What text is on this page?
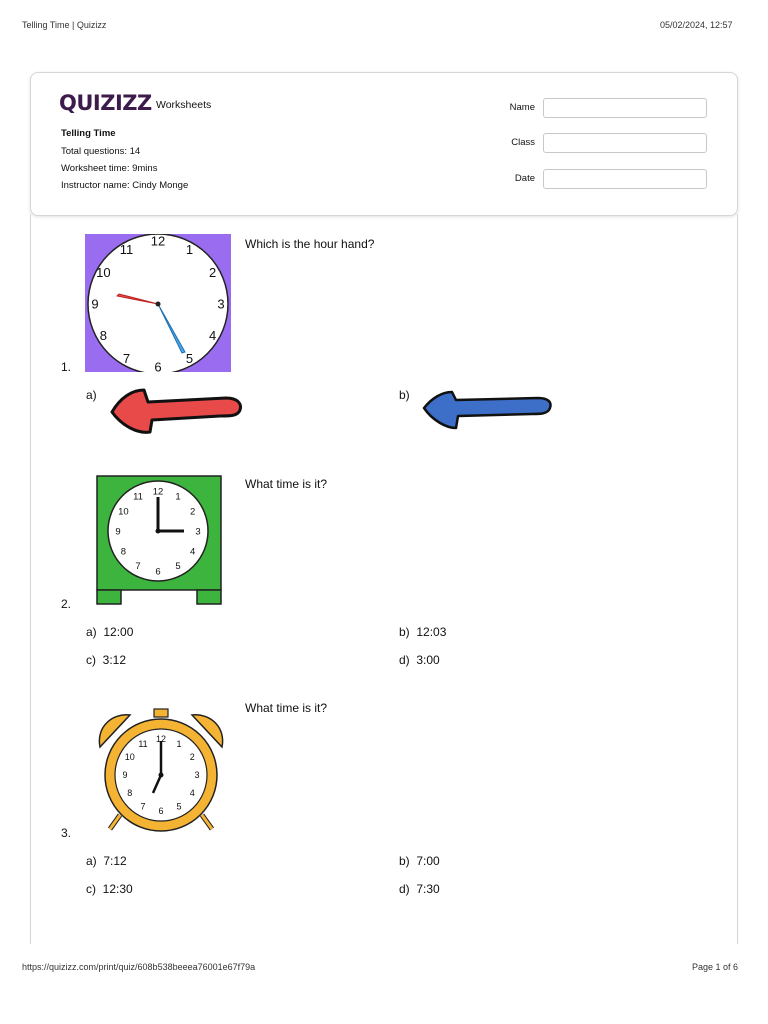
Telling Time | Quizizz	05/02/2024, 12:57
https://quizizz.com/print/quiz/608b538beeea76001e67f79a	Page 1 of 6
QUIZIZZ Worksheets
Telling Time
Total questions: 14
Worksheet time: 9mins
Instructor name: Cindy Monge
Name
Class
Date
12
1
2
3
4
5
6
7
8
9
10
11	Which is the hour hand?
1.
a)	b)
12 1
2
3
4
5
6
7
8
9
10
11
What time is it?
2.
a) 12:00	b) 12:03
c) 3:12	d) 3:00
12 1
2
3
4
5
6
7
8
9
10
11
What time is it?
3.
a) 7:12	b) 7:00
c) 12:30	d) 7:30
